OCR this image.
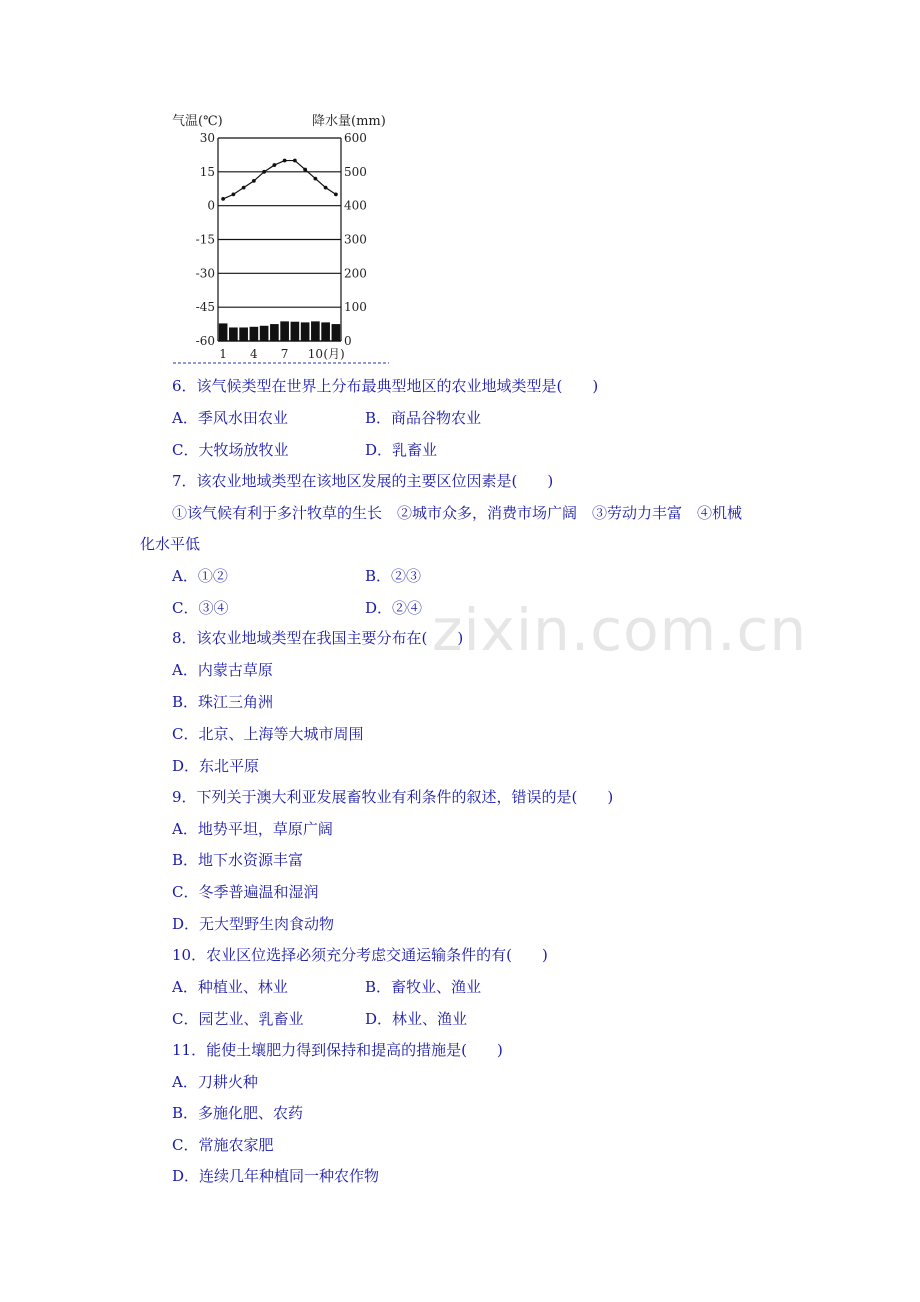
30
15
0
-15
-30
-45
-60
600
500
400
300
200
100
0
1 4 7 10 (月)
气温(℃)	降水量(mm)
zixin.com.cn
6．该气候类型在世界上分布最典型地区的农业地域类型是(　　)
A．季风水田农业	B．商品谷物农业
C．大牧场放牧业	D．乳畜业
7．该农业地域类型在该地区发展的主要区位因素是(　　)
①该气候有利于多汁牧草的生长　②城市众多，消费市场广阔　③劳动力丰富　④机械
化水平低
A．①②	B．②③
C．③④	D．②④
8．该农业地域类型在我国主要分布在(　　)
A．内蒙古草原
B．珠江三角洲
C．北京、上海等大城市周围
D．东北平原
9．下列关于澳大利亚发展畜牧业有利条件的叙述，错误的是(　　)
A．地势平坦，草原广阔
B．地下水资源丰富
C．冬季普遍温和湿润
D．无大型野生肉食动物
10．农业区位选择必须充分考虑交通运输条件的有(　　)
A．种植业、林业	B．畜牧业、渔业
C．园艺业、乳畜业	D．林业、渔业
11．能使土壤肥力得到保持和提高的措施是(　　)
A．刀耕火种
B．多施化肥、农药
C．常施农家肥
D．连续几年种植同一种农作物
